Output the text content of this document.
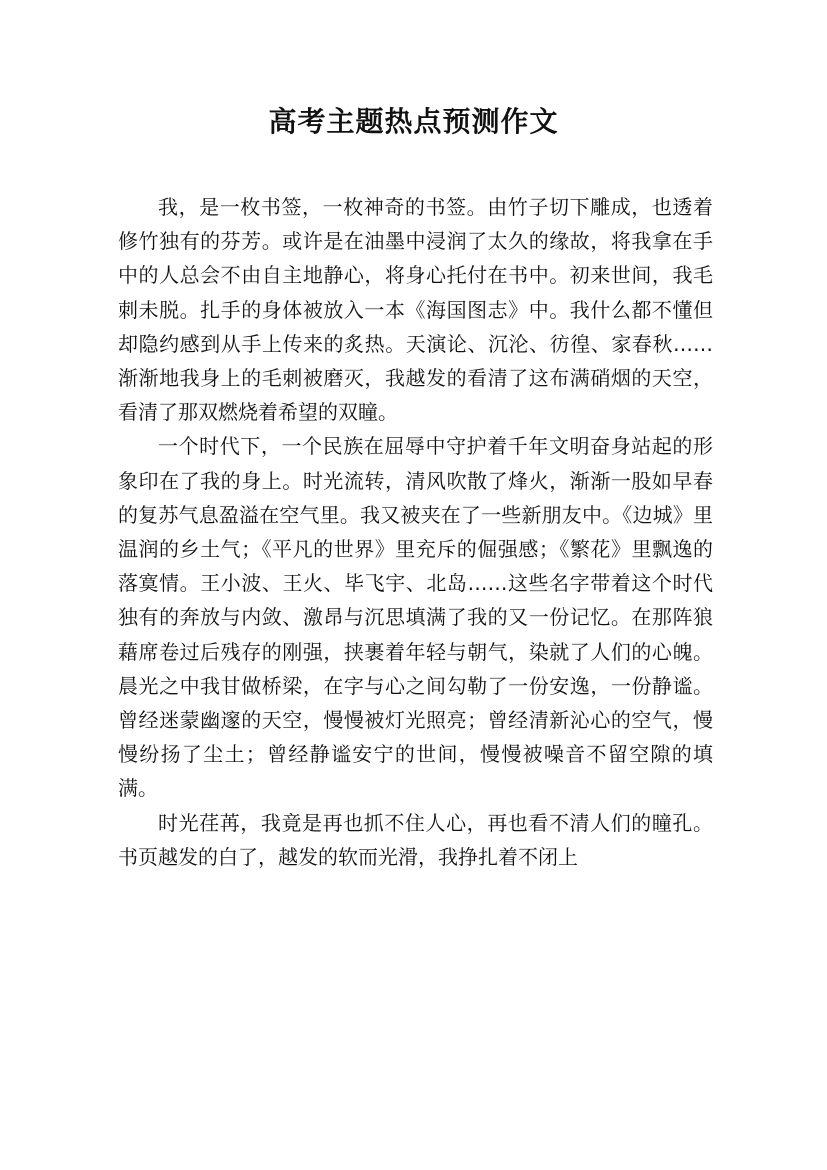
高考主题热点预测作文

我，是一枚书签，一枚神奇的书签。由竹子切下雕成，也透着修竹独有的芬芳。或许是在油墨中浸润了太久的缘故，将我拿在手中的人总会不由自主地静心，将身心托付在书中。初来世间，我毛刺未脱。扎手的身体被放入一本《海国图志》中。我什么都不懂但却隐约感到从手上传来的炙热。天演论、沉沦、彷徨、家春秋……渐渐地我身上的毛刺被磨灭，我越发的看清了这布满硝烟的天空，看清了那双燃烧着希望的双瞳。

一个时代下，一个民族在屈辱中守护着千年文明奋身站起的形象印在了我的身上。时光流转，清风吹散了烽火，渐渐一股如早春的复苏气息盈溢在空气里。我又被夹在了一些新朋友中。《边城》里温润的乡土气；《平凡的世界》里充斥的倔强感；《繁花》里飘逸的落寞情。王小波、王火、毕飞宇、北岛……这些名字带着这个时代独有的奔放与内敛、激昂与沉思填满了我的又一份记忆。在那阵狼藉席卷过后残存的刚强，挟裹着年轻与朝气，染就了人们的心魄。晨光之中我甘做桥梁，在字与心之间勾勒了一份安逸，一份静谧。曾经迷蒙幽邃的天空，慢慢被灯光照亮；曾经清新沁心的空气，慢慢纷扬了尘土；曾经静谧安宁的世间，慢慢被噪音不留空隙的填满。

时光荏苒，我竟是再也抓不住人心，再也看不清人们的瞳孔。书页越发的白了，越发的软而光滑，我挣扎着不闭上
